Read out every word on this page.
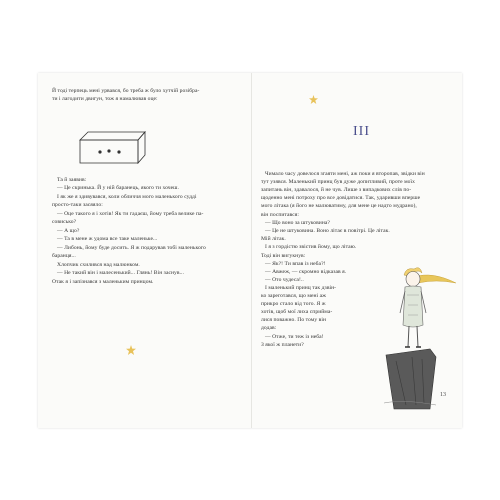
Й тоді терпець мені урвався, бо треба ж було хутчій розібра-
ти і лагодити двигун, тож я намалював оце:
Та й заявив:
— Це скринька. Й у ній баранець, якого ти хочеш.
І як же я здивувався, коли обличчя мого маленького судді
просто-таки засяяло:
— Оце такого я і хотів! Як ти гадаєш, йому треба велике па-
совисько?
— А що?
— Та в мене ж удома все таке маленьке...
— Либонь, йому буде досить. Я ж подарував тобі маленького
баранця...
Хлопчик схилився над малюнком.
— Не такий він і малесенький... Глянь! Він заснув...
Отак я і запізнався з маленьким принцом.
III
Чимало часу довелося згаяти мені, аж поки я второпав, звідки він
тут узявся. Маленький принц був дуже допитливий, проте моїх
запитань він, здавалося, й не чув. Лише з випадкових слів по-
щоденно мені потроху про все довідатися. Так, ударивши вперше
мого літака (я його не малюватиму, для мене це надто мудрано),
він поспитався:
— Що воно за штуковина?
— Це не штуковина. Воно літає в повітрі. Це літак.
Мій літак.
І я з гордістю звістив йому, що літаю.
Тоді він вигукнув:
— Як?! Ти впав із неба?!
— Авжеж, — скромно відказав я.
— Ото чудеса!..
І маленький принц так дзвін-
ко зареготався, що мені аж
прикро стало від того. Я ж
хотів, щоб мої лиха сприйма-
лися поважно. По тому він
додав:
— Отже, ти теж із неба!
З якої ж планети?
13
